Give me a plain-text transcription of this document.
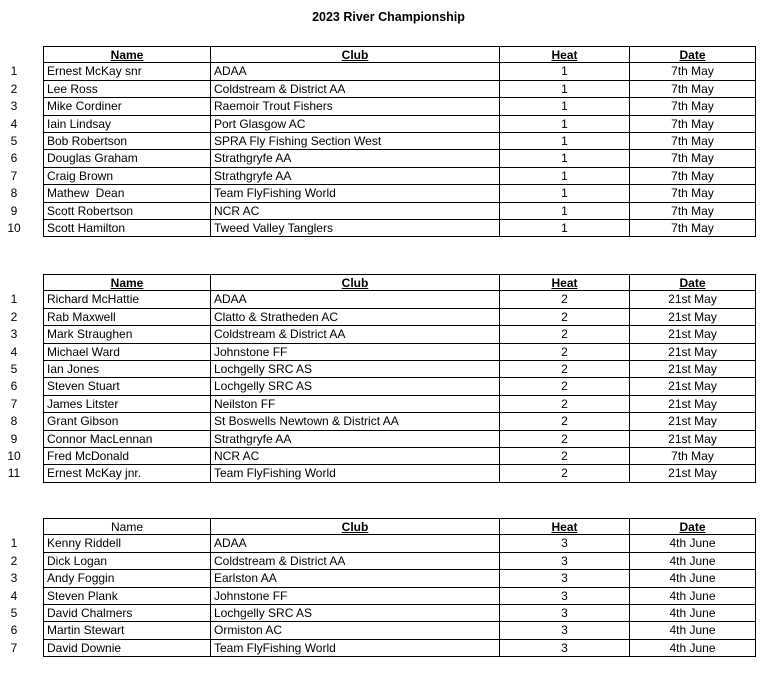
2023 River Championship
Name	Club	Heat	Date
1	Ernest McKay snr	ADAA	1	7th May
2	Lee Ross	Coldstream & District AA	1	7th May
3	Mike Cordiner	Raemoir Trout Fishers	1	7th May
4	Iain Lindsay	Port Glasgow AC	1	7th May
5	Bob Robertson	SPRA Fly Fishing Section West	1	7th May
6	Douglas Graham	Strathgryfe AA	1	7th May
7	Craig Brown	Strathgryfe AA	1	7th May
8	Mathew  Dean	Team FlyFishing World	1	7th May
9	Scott Robertson	NCR AC	1	7th May
10	Scott Hamilton	Tweed Valley Tanglers	1	7th May
Name	Club	Heat	Date
1	Richard McHattie	ADAA	2	21st May
2	Rab Maxwell	Clatto & Stratheden AC	2	21st May
3	Mark Straughen	Coldstream & District AA	2	21st May
4	Michael Ward	Johnstone FF	2	21st May
5	Ian Jones	Lochgelly SRC AS	2	21st May
6	Steven Stuart	Lochgelly SRC AS	2	21st May
7	James Litster	Neilston FF	2	21st May
8	Grant Gibson	St Boswells Newtown & District AA	2	21st May
9	Connor MacLennan	Strathgryfe AA	2	21st May
10	Fred McDonald	NCR AC	2	7th May
11	Ernest McKay jnr.	Team FlyFishing World	2	21st May
Name	Club	Heat	Date
1	Kenny Riddell	ADAA	3	4th June
2	Dick Logan	Coldstream & District AA	3	4th June
3	Andy Foggin	Earlston AA	3	4th June
4	Steven Plank	Johnstone FF	3	4th June
5	David Chalmers	Lochgelly SRC AS	3	4th June
6	Martin Stewart	Ormiston AC	3	4th June
7	David Downie	Team FlyFishing World	3	4th June
